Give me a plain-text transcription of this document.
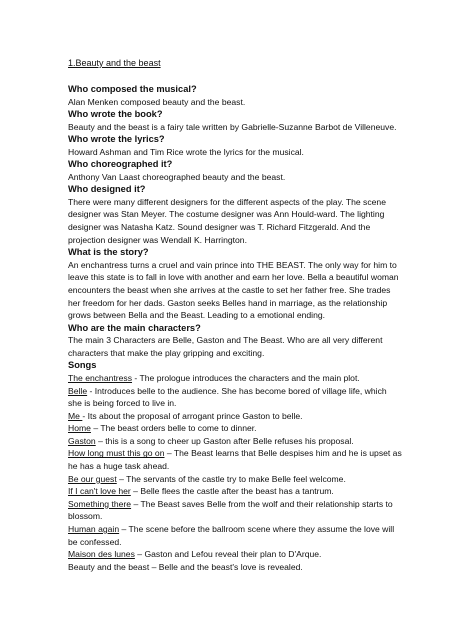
1.Beauty and the beast
Who composed the musical?

Alan Menken composed beauty and the beast.

Who wrote the book?

Beauty and the beast is a fairy tale written by Gabrielle-Suzanne Barbot de Villeneuve.

Who wrote the lyrics?

Howard Ashman and Tim Rice wrote the lyrics for the musical.

Who choreographed it?

Anthony Van Laast choreographed beauty and the beast.

Who designed it?

There were many different designers for the different aspects of the play. The scene designer was Stan Meyer. The costume designer was Ann Hould-ward. The lighting designer was Natasha Katz. Sound designer was T. Richard Fitzgerald. And the projection designer was Wendall K. Harrington.

What is the story?

An enchantress turns a cruel and vain prince into THE BEAST. The only way for him to leave this state is to fall in love with another and earn her love. Bella a beautiful woman encounters the beast when she arrives at the castle to set her father free. She trades her freedom for her dads. Gaston seeks Belles hand in marriage, as the relationship grows between Bella and the Beast. Leading to a emotional ending.

Who are the main characters?

The main 3 Characters are Belle, Gaston and The Beast. Who are all very different characters that make the play gripping and exciting.

Songs

The enchantress - The prologue introduces the characters and the main plot.

Belle - Introduces belle to the audience. She has become bored of village life, which she is being forced to live in.

Me - Its about the proposal of arrogant prince Gaston to belle.

Home – The beast orders belle to come to dinner.

Gaston – this is a song to cheer up Gaston after Belle refuses his proposal.

How long must this go on – The Beast learns that Belle despises him and he is upset as he has a huge task ahead.

Be our guest – The servants of the castle try to make Belle feel welcome.

If I can't love her – Belle flees the castle after the beast has a tantrum.

Something there – The Beast saves Belle from the wolf and their relationship starts to blossom.

Human again – The scene before the ballroom scene where they assume the love will be confessed.

Maison des lunes – Gaston and Lefou reveal their plan to D'Arque.

Beauty and the beast – Belle and the beast's love is revealed.
